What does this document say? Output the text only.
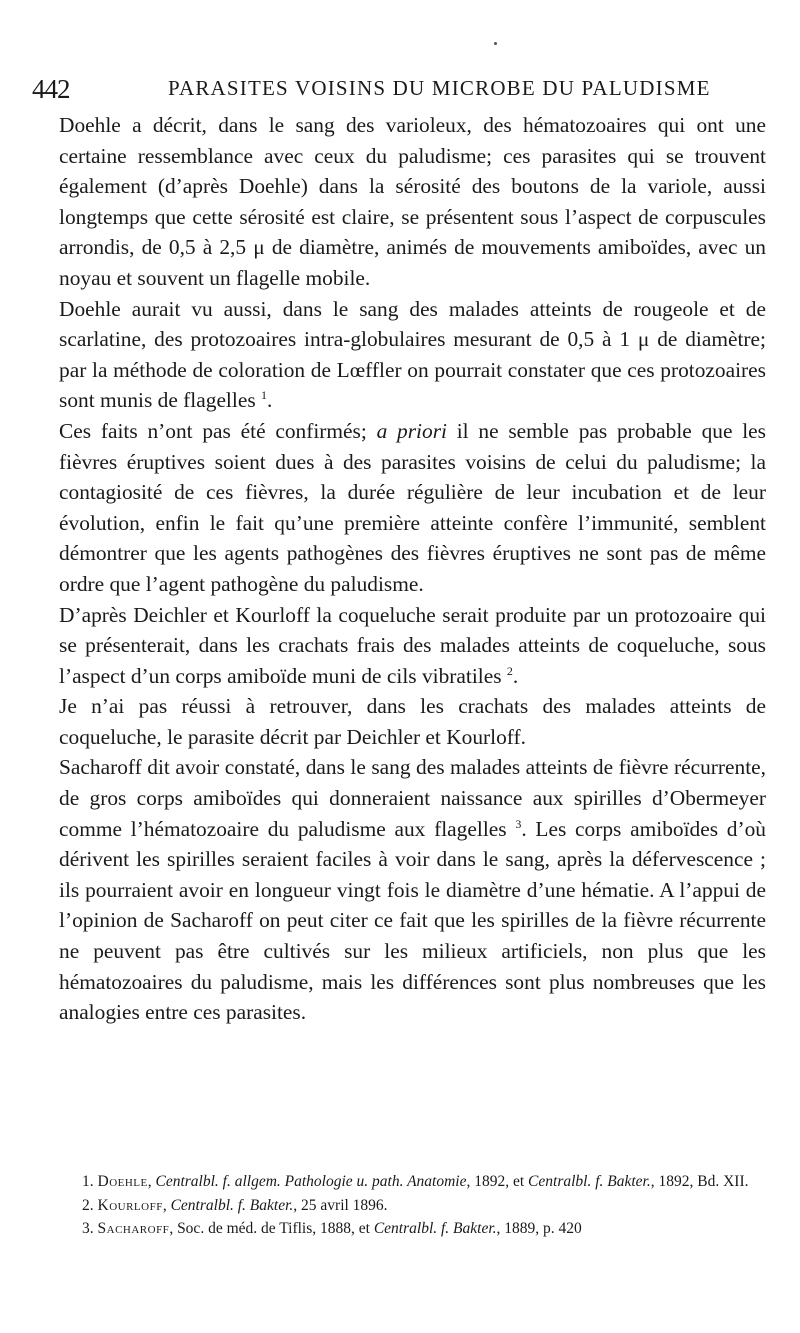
442	PARASITES VOISINS DU MICROBE DU PALUDISME

Doehle a décrit, dans le sang des varioleux, des hématozoaires qui ont une certaine ressemblance avec ceux du paludisme; ces parasites qui se trouvent également (d’après Doehle) dans la sérosité des boutons de la variole, aussi longtemps que cette sérosité est claire, se présentent sous l’aspect de corpuscules arrondis, de 0,5 à 2,5 μ de diamètre, animés de mouvements amiboïdes, avec un noyau et souvent un flagelle mobile.

Doehle aurait vu aussi, dans le sang des malades atteints de rougeole et de scarlatine, des protozoaires intra-globulaires mesurant de 0,5 à 1 μ de diamètre; par la méthode de coloration de Lœffler on pourrait constater que ces protozoaires sont munis de flagelles $^1$.

Ces faits n’ont pas été confirmés; a priori il ne semble pas probable que les fièvres éruptives soient dues à des parasites voisins de celui du paludisme; la contagiosité de ces fièvres, la durée régulière de leur incubation et de leur évolution, enfin le fait qu’une première atteinte confère l’immunité, semblent démontrer que les agents pathogènes des fièvres éruptives ne sont pas de même ordre que l’agent pathogène du paludisme.

D’après Deichler et Kourloff la coqueluche serait produite par un protozoaire qui se présenterait, dans les crachats frais des malades atteints de coqueluche, sous l’aspect d’un corps amiboïde muni de cils vibratiles $^2$.

Je n’ai pas réussi à retrouver, dans les crachats des malades atteints de coqueluche, le parasite décrit par Deichler et Kourloff.

Sacharoff dit avoir constaté, dans le sang des malades atteints de fièvre récurrente, de gros corps amiboïdes qui donneraient naissance aux spirilles d’Obermeyer comme l’hématozoaire du paludisme aux flagelles $^3$. Les corps amiboïdes d’où dérivent les spirilles seraient faciles à voir dans le sang, après la défervescence ; ils pourraient avoir en longueur vingt fois le diamètre d’une hématie. A l’appui de l’opinion de Sacharoff on peut citer ce fait que les spirilles de la fièvre récurrente ne peuvent pas être cultivés sur les milieux artificiels, non plus que les hématozoaires du paludisme, mais les différences sont plus nombreuses que les analogies entre ces parasites.

1. Doehle, Centralbl. f. allgem. Pathologie u. path. Anatomie, 1892, et Centralbl. f. Bakter., 1892, Bd. XII.

2. Kourloff, Centralbl. f. Bakter., 25 avril 1896.

3. Sacharoff, Soc. de méd. de Tiflis, 1888, et Centralbl. f. Bakter., 1889, p. 420
